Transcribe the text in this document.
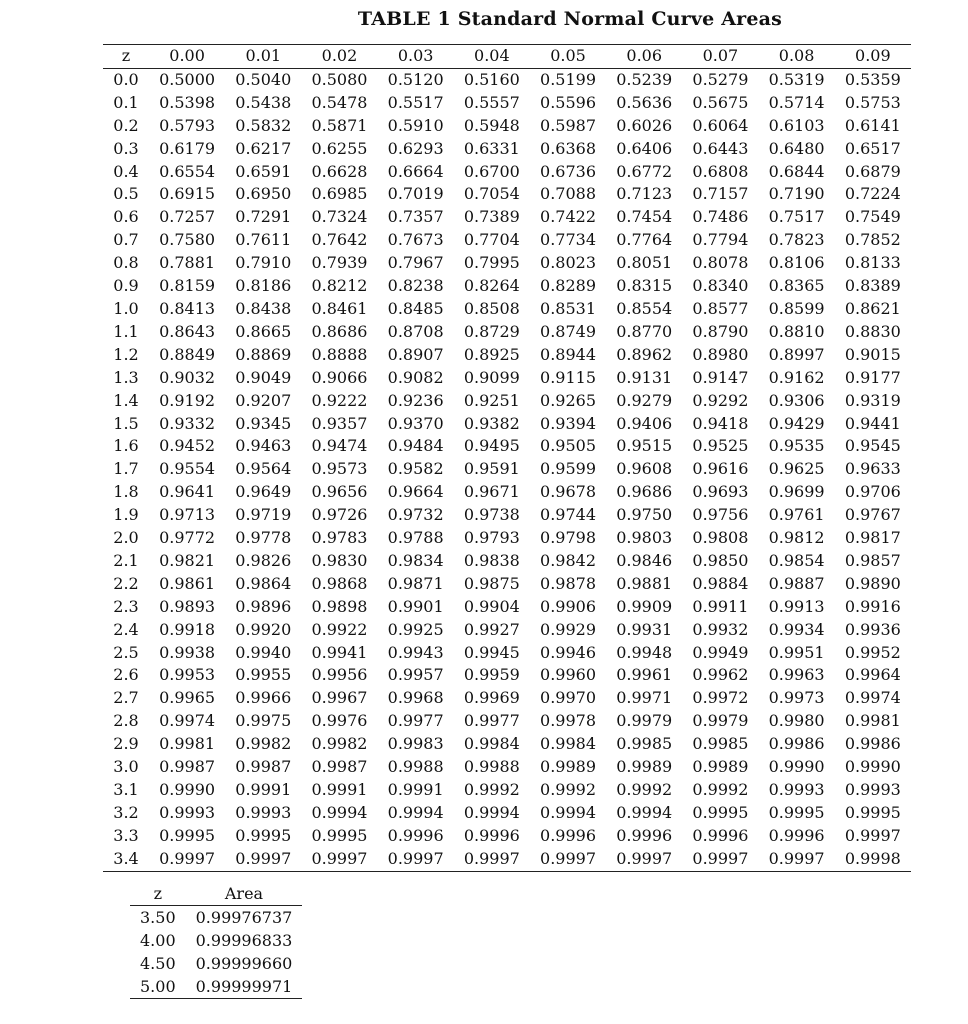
TABLE 1 Standard Normal Curve Areas
z	0.00	0.01	0.02	0.03	0.04	0.05	0.06	0.07	0.08	0.09
0.0	0.5000	0.5040	0.5080	0.5120	0.5160	0.5199	0.5239	0.5279	0.5319	0.5359
0.1	0.5398	0.5438	0.5478	0.5517	0.5557	0.5596	0.5636	0.5675	0.5714	0.5753
0.2	0.5793	0.5832	0.5871	0.5910	0.5948	0.5987	0.6026	0.6064	0.6103	0.6141
0.3	0.6179	0.6217	0.6255	0.6293	0.6331	0.6368	0.6406	0.6443	0.6480	0.6517
0.4	0.6554	0.6591	0.6628	0.6664	0.6700	0.6736	0.6772	0.6808	0.6844	0.6879
0.5	0.6915	0.6950	0.6985	0.7019	0.7054	0.7088	0.7123	0.7157	0.7190	0.7224
0.6	0.7257	0.7291	0.7324	0.7357	0.7389	0.7422	0.7454	0.7486	0.7517	0.7549
0.7	0.7580	0.7611	0.7642	0.7673	0.7704	0.7734	0.7764	0.7794	0.7823	0.7852
0.8	0.7881	0.7910	0.7939	0.7967	0.7995	0.8023	0.8051	0.8078	0.8106	0.8133
0.9	0.8159	0.8186	0.8212	0.8238	0.8264	0.8289	0.8315	0.8340	0.8365	0.8389
1.0	0.8413	0.8438	0.8461	0.8485	0.8508	0.8531	0.8554	0.8577	0.8599	0.8621
1.1	0.8643	0.8665	0.8686	0.8708	0.8729	0.8749	0.8770	0.8790	0.8810	0.8830
1.2	0.8849	0.8869	0.8888	0.8907	0.8925	0.8944	0.8962	0.8980	0.8997	0.9015
1.3	0.9032	0.9049	0.9066	0.9082	0.9099	0.9115	0.9131	0.9147	0.9162	0.9177
1.4	0.9192	0.9207	0.9222	0.9236	0.9251	0.9265	0.9279	0.9292	0.9306	0.9319
1.5	0.9332	0.9345	0.9357	0.9370	0.9382	0.9394	0.9406	0.9418	0.9429	0.9441
1.6	0.9452	0.9463	0.9474	0.9484	0.9495	0.9505	0.9515	0.9525	0.9535	0.9545
1.7	0.9554	0.9564	0.9573	0.9582	0.9591	0.9599	0.9608	0.9616	0.9625	0.9633
1.8	0.9641	0.9649	0.9656	0.9664	0.9671	0.9678	0.9686	0.9693	0.9699	0.9706
1.9	0.9713	0.9719	0.9726	0.9732	0.9738	0.9744	0.9750	0.9756	0.9761	0.9767
2.0	0.9772	0.9778	0.9783	0.9788	0.9793	0.9798	0.9803	0.9808	0.9812	0.9817
2.1	0.9821	0.9826	0.9830	0.9834	0.9838	0.9842	0.9846	0.9850	0.9854	0.9857
2.2	0.9861	0.9864	0.9868	0.9871	0.9875	0.9878	0.9881	0.9884	0.9887	0.9890
2.3	0.9893	0.9896	0.9898	0.9901	0.9904	0.9906	0.9909	0.9911	0.9913	0.9916
2.4	0.9918	0.9920	0.9922	0.9925	0.9927	0.9929	0.9931	0.9932	0.9934	0.9936
2.5	0.9938	0.9940	0.9941	0.9943	0.9945	0.9946	0.9948	0.9949	0.9951	0.9952
2.6	0.9953	0.9955	0.9956	0.9957	0.9959	0.9960	0.9961	0.9962	0.9963	0.9964
2.7	0.9965	0.9966	0.9967	0.9968	0.9969	0.9970	0.9971	0.9972	0.9973	0.9974
2.8	0.9974	0.9975	0.9976	0.9977	0.9977	0.9978	0.9979	0.9979	0.9980	0.9981
2.9	0.9981	0.9982	0.9982	0.9983	0.9984	0.9984	0.9985	0.9985	0.9986	0.9986
3.0	0.9987	0.9987	0.9987	0.9988	0.9988	0.9989	0.9989	0.9989	0.9990	0.9990
3.1	0.9990	0.9991	0.9991	0.9991	0.9992	0.9992	0.9992	0.9992	0.9993	0.9993
3.2	0.9993	0.9993	0.9994	0.9994	0.9994	0.9994	0.9994	0.9995	0.9995	0.9995
3.3	0.9995	0.9995	0.9995	0.9996	0.9996	0.9996	0.9996	0.9996	0.9996	0.9997
3.4	0.9997	0.9997	0.9997	0.9997	0.9997	0.9997	0.9997	0.9997	0.9997	0.9998
z	Area
3.50	0.99976737
4.00	0.99996833
4.50	0.99999660
5.00	0.99999971
